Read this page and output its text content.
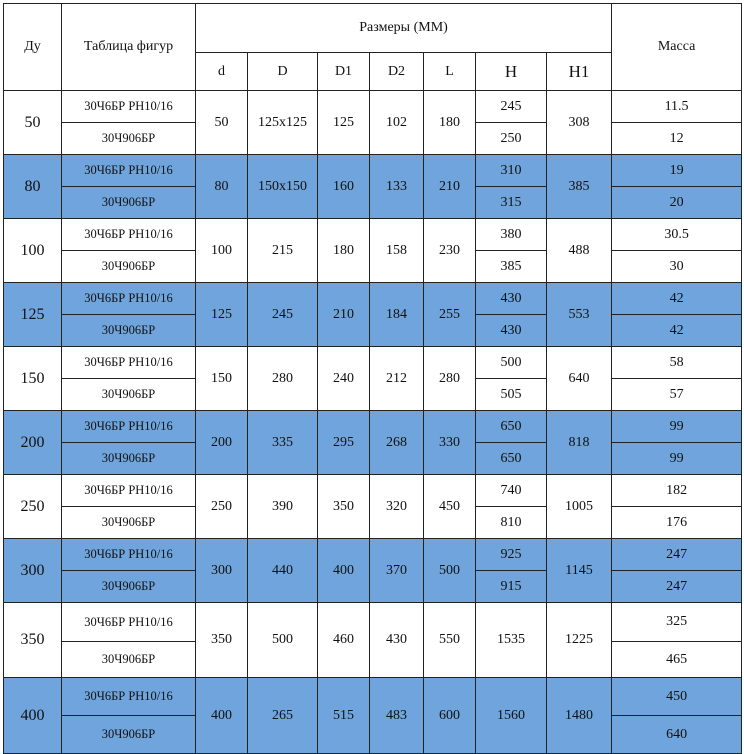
Ду	Таблица фигур	Размеры (ММ)							Масса
		d	D	D1	D2	L	H	H1	
50	30Ч6БР PH10/16	50	125x125	125	102	180	245	308	11.5
	30Ч906БР						250		12
80	30Ч6БР PH10/16	80	150x150	160	133	210	310	385	19
	30Ч906БР						315		20
100	30Ч6БР PH10/16	100	215	180	158	230	380	488	30.5
	30Ч906БР						385		30
125	30Ч6БР PH10/16	125	245	210	184	255	430	553	42
	30Ч906БР						430		42
150	30Ч6БР PH10/16	150	280	240	212	280	500	640	58
	30Ч906БР						505		57
200	30Ч6БР PH10/16	200	335	295	268	330	650	818	99
	30Ч906БР						650		99
250	30Ч6БР PH10/16	250	390	350	320	450	740	1005	182
	30Ч906БР						810		176
300	30Ч6БР PH10/16	300	440	400	370	500	925	1145	247
	30Ч906БР						915		247
350	30Ч6БР PH10/16	350	500	460	430	550	1535	1225	325
	30Ч906БР								465
400	30Ч6БР PH10/16	400	265	515	483	600	1560	1480	450
	30Ч906БР								640
